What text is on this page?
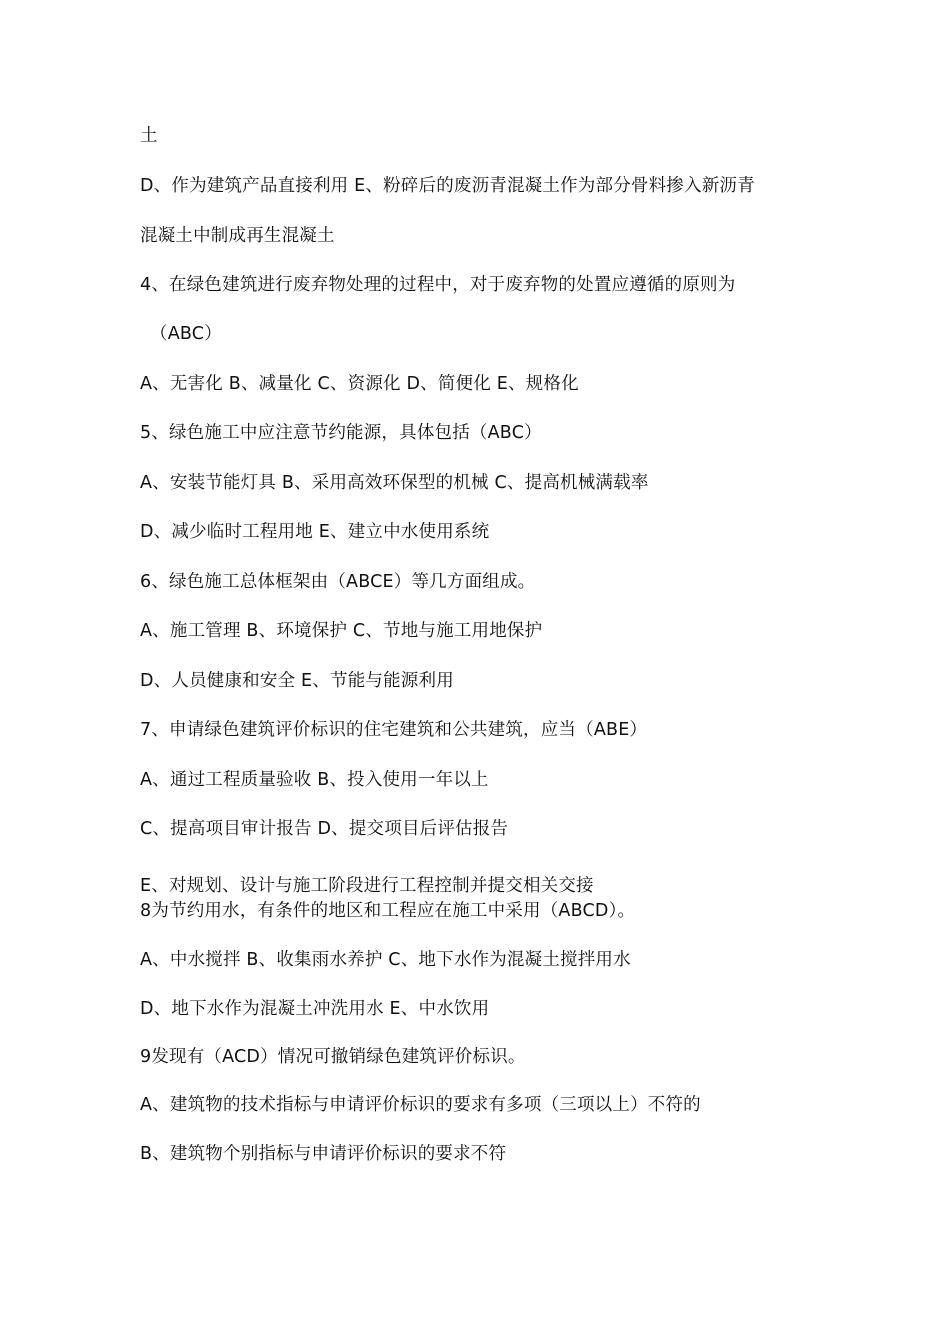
土
D、作为建筑产品直接利用 E、粉碎后的废沥青混凝土作为部分骨料掺入新沥青
混凝土中制成再生混凝土
4、在绿色建筑进行废弃物处理的过程中，对于废弃物的处置应遵循的原则为
（ABC）
A、无害化 B、减量化 C、资源化 D、简便化 E、规格化
5、绿色施工中应注意节约能源，具体包括（ABC）
A、安装节能灯具 B、采用高效环保型的机械 C、提高机械满载率
D、减少临时工程用地 E、建立中水使用系统
6、绿色施工总体框架由（ABCE）等几方面组成。
A、施工管理 B、环境保护 C、节地与施工用地保护
D、人员健康和安全 E、节能与能源利用
7、申请绿色建筑评价标识的住宅建筑和公共建筑，应当（ABE）
A、通过工程质量验收 B、投入使用一年以上
C、提高项目审计报告 D、提交项目后评估报告
E、对规划、设计与施工阶段进行工程控制并提交相关交接
8为节约用水，有条件的地区和工程应在施工中采用（ABCD）。
A、中水搅拌 B、收集雨水养护 C、地下水作为混凝土搅拌用水
D、地下水作为混凝土冲洗用水 E、中水饮用
9发现有（ACD）情况可撤销绿色建筑评价标识。
A、建筑物的技术指标与申请评价标识的要求有多项（三项以上）不符的
B、建筑物个别指标与申请评价标识的要求不符
